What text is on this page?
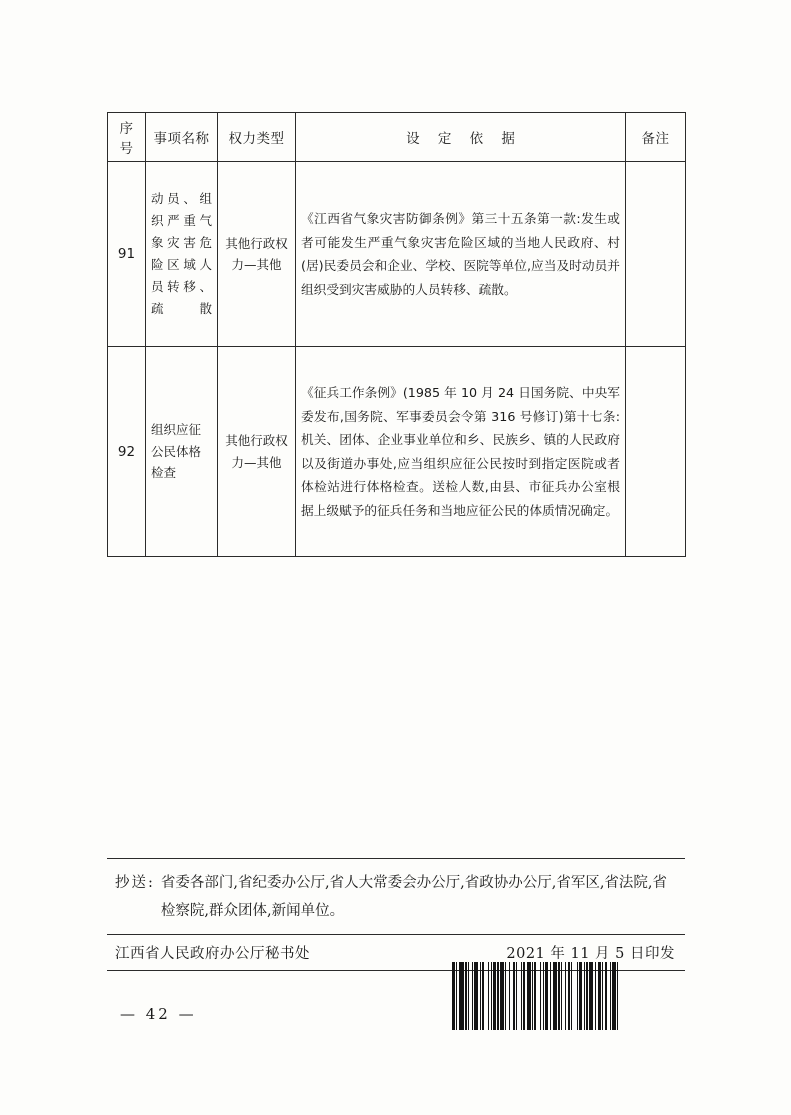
序号	事项名称	权力类型	设 定 依 据	备注
91	动员、组织严重气象灾害危险区域人员转移、疏散	其他行政权力—其他	《江西省气象灾害防御条例》第三十五条第一款:发生或者可能发生严重气象灾害危险区域的当地人民政府、村(居)民委员会和企业、学校、医院等单位,应当及时动员并组织受到灾害威胁的人员转移、疏散。	
92	组织应征公民体格检查	其他行政权力—其他	《征兵工作条例》(1985 年 10 月 24 日国务院、中央军委发布,国务院、军事委员会令第 316 号修订)第十七条:机关、团体、企业事业单位和乡、民族乡、镇的人民政府以及街道办事处,应当组织应征公民按时到指定医院或者体检站进行体格检查。送检人数,由县、市征兵办公室根据上级赋予的征兵任务和当地应征公民的体质情况确定。	
抄送: 省委各部门,省纪委办公厅,省人大常委会办公厅,省政协办公厅,省军区,省法院,省检察院,群众团体,新闻单位。
江西省人民政府办公厅秘书处	2021 年 11 月 5 日印发
— 42 —
